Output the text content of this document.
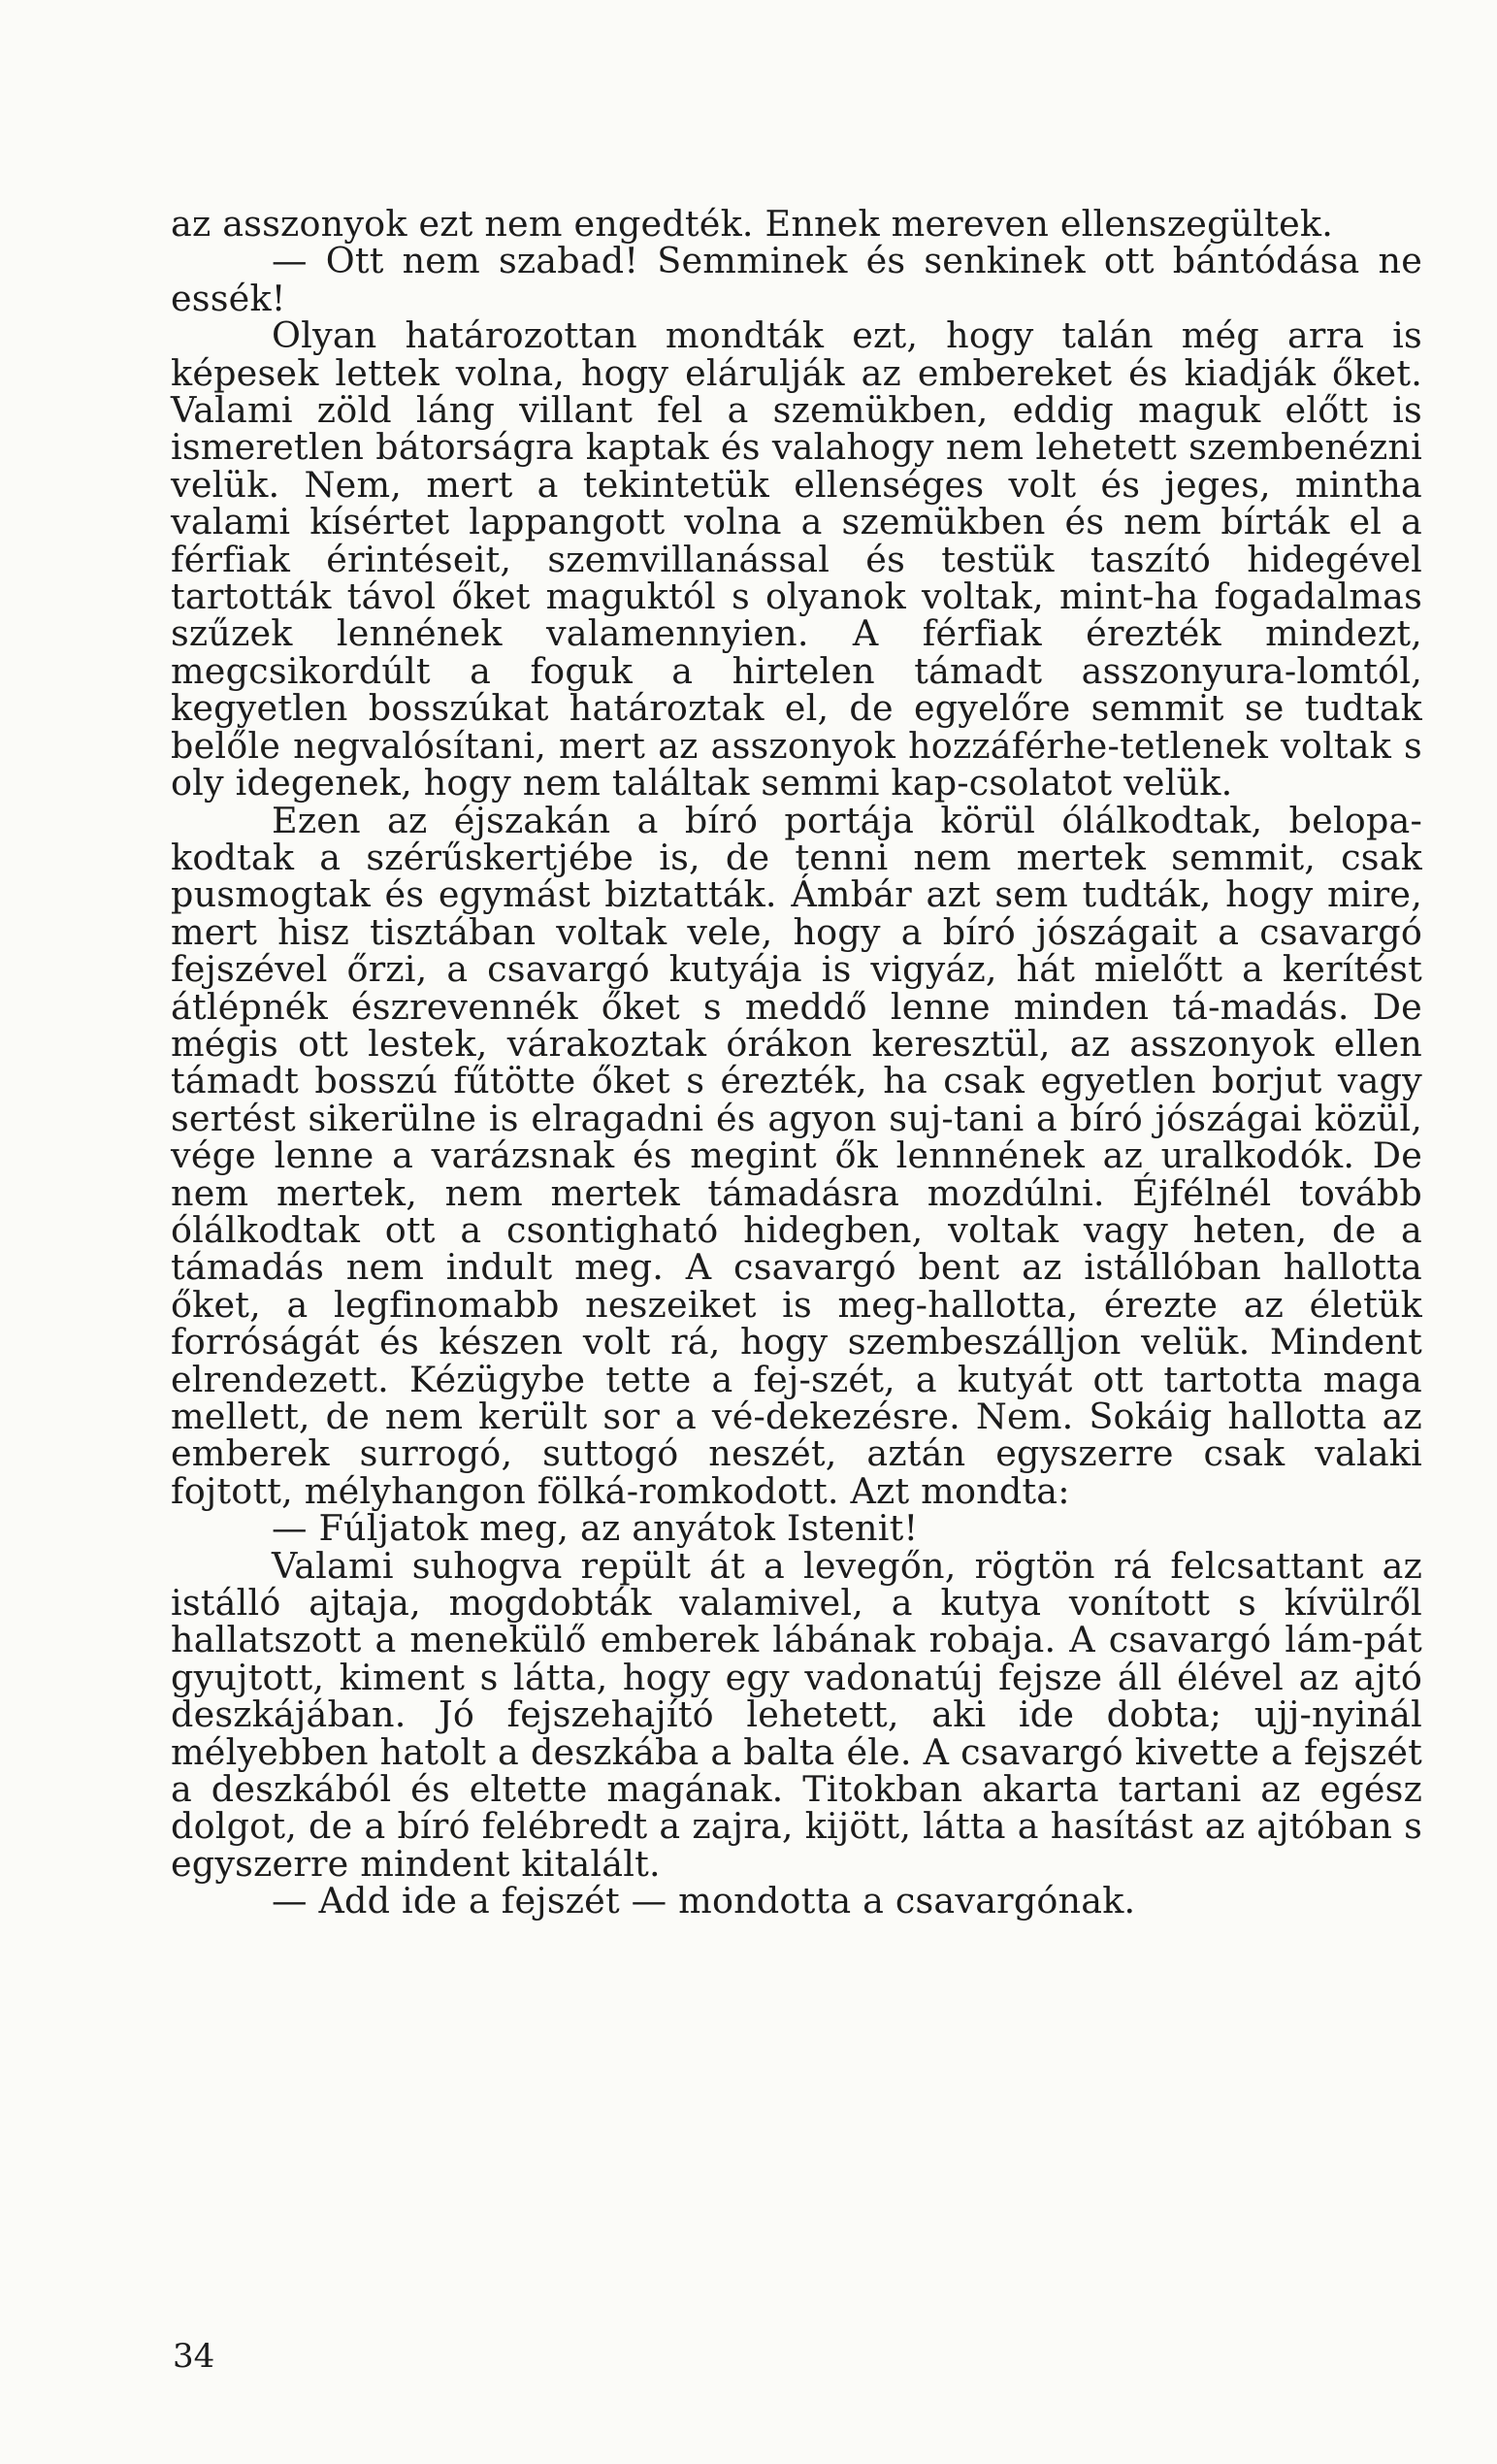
az asszonyok ezt nem engedték. Ennek mereven ellenszegültek.

— Ott nem szabad! Semminek és senkinek ott bántódása ne essék!

Olyan határozottan mondták ezt, hogy talán még arra is képesek lettek volna, hogy elárulják az embereket és kiadják őket. Valami zöld láng villant fel a szemükben, eddig maguk előtt is ismeretlen bátorságra kaptak és valahogy nem lehetett szembenézni velük. Nem, mert a tekintetük ellenséges volt és jeges, mintha valami kísértet lappangott volna a szemükben és nem bírták el a férfiak érintéseit, szemvillanással és testük taszító hidegével tartották távol őket maguktól s olyanok voltak, mint-ha fogadalmas szűzek lennének valamennyien. A férfiak érezték mindezt, megcsikordúlt a foguk a hirtelen támadt asszonyura-lomtól, kegyetlen bosszúkat határoztak el, de egyelőre semmit se tudtak belőle negvalósítani, mert az asszonyok hozzáférhe-tetlenek voltak s oly idegenek, hogy nem találtak semmi kap-csolatot velük.

Ezen az éjszakán a bíró portája körül ólálkodtak, belopa-kodtak a szérűskertjébe is, de tenni nem mertek semmit, csak pusmogtak és egymást biztatták. Ámbár azt sem tudták, hogy mire, mert hisz tisztában voltak vele, hogy a bíró jószágait a csavargó fejszével őrzi, a csavargó kutyája is vigyáz, hát mielőtt a kerítést átlépnék észrevennék őket s meddő lenne minden tá-madás. De mégis ott lestek, várakoztak órákon keresztül, az asszonyok ellen támadt bosszú fűtötte őket s érezték, ha csak egyetlen borjut vagy sertést sikerülne is elragadni és agyon suj-tani a bíró jószágai közül, vége lenne a varázsnak és megint ők lennnének az uralkodók. De nem mertek, nem mertek támadásra mozdúlni. Éjfélnél tovább ólálkodtak ott a csontigható hidegben, voltak vagy heten, de a támadás nem indult meg. A csavargó bent az istállóban hallotta őket, a legfinomabb neszeiket is meg-hallotta, érezte az életük forróságát és készen volt rá, hogy szembeszálljon velük. Mindent elrendezett. Kézügybe tette a fej-szét, a kutyát ott tartotta maga mellett, de nem került sor a vé-dekezésre. Nem. Sokáig hallotta az emberek surrogó, suttogó neszét, aztán egyszerre csak valaki fojtott, mélyhangon fölká-romkodott. Azt mondta:

— Fúljatok meg, az anyátok Istenit!

Valami suhogva repült át a levegőn, rögtön rá felcsattant az istálló ajtaja, mogdobták valamivel, a kutya vonított s kívülről hallatszott a menekülő emberek lábának robaja. A csavargó lám-pát gyujtott, kiment s látta, hogy egy vadonatúj fejsze áll élével az ajtó deszkájában. Jó fejszehajító lehetett, aki ide dobta; ujj-nyinál mélyebben hatolt a deszkába a balta éle. A csavargó kivette a fejszét a deszkából és eltette magának. Titokban akarta tartani az egész dolgot, de a bíró felébredt a zajra, kijött, látta a hasítást az ajtóban s egyszerre mindent kitalált.

— Add ide a fejszét — mondotta a csavargónak.

34
